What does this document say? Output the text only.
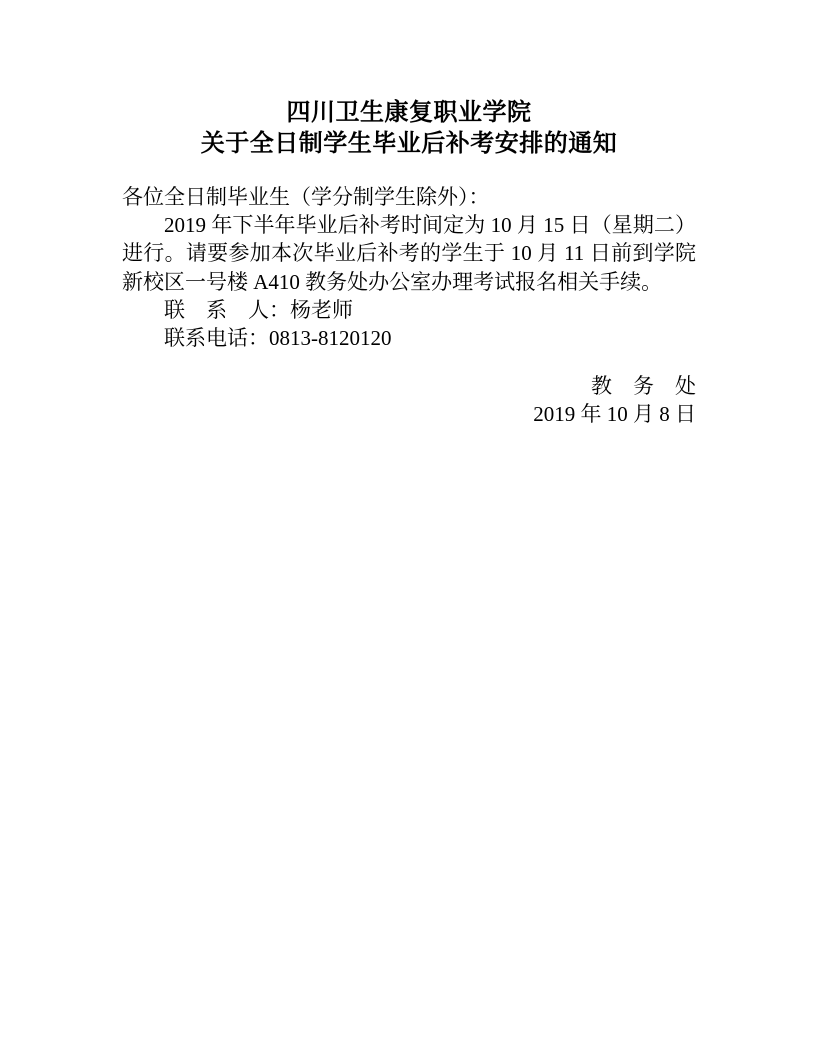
四川卫生康复职业学院
关于全日制学生毕业后补考安排的通知

各位全日制毕业生（学分制学生除外）：

2019 年下半年毕业后补考时间定为 10 月 15 日（星期二）进行。请要参加本次毕业后补考的学生于 10 月 11 日前到学院新校区一号楼 A410 教务处办公室办理考试报名相关手续。

联　系　人：杨老师

联系电话：0813-8120120

教　务　处

2019 年 10 月 8 日
